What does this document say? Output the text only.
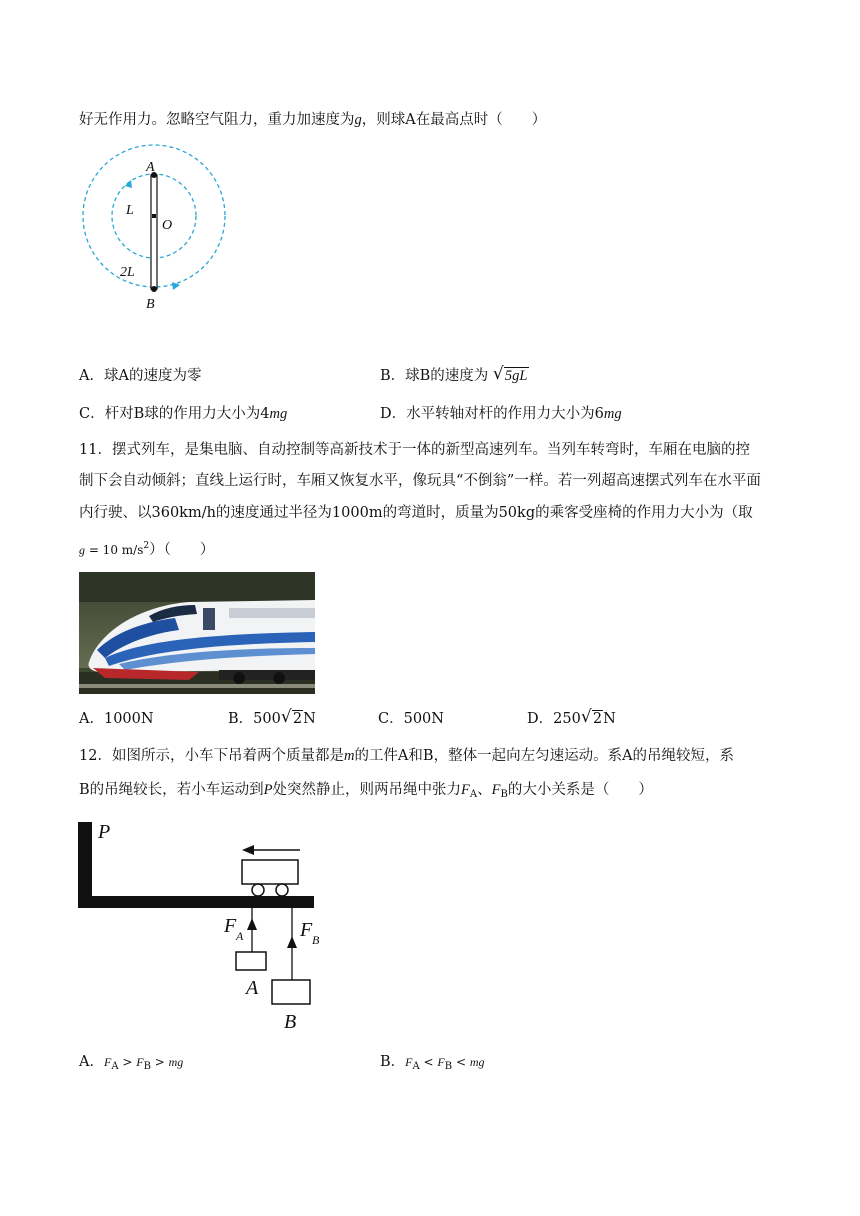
好无作用力。忽略空气阻力，重力加速度为g，则球A在最高点时（　　）
A
L
O
2L
B
A．球A的速度为零	B．球B的速度为 √ 5gL
C．杆对B球的作用力大小为4mg	D．水平转轴对杆的作用力大小为6mg
11．摆式列车，是集电脑、自动控制等高新技术于一体的新型高速列车。当列车转弯时，车厢在电脑的控
制下会自动倾斜；直线上运行时，车厢又恢复水平，像玩具“不倒翁”一样。若一列超高速摆式列车在水平面
内行驶、以360km/h的速度通过半径为1000m的弯道时，质量为50kg的乘客受座椅的作用力大小为（取
g = 10 $m/s^2$）（　　）
A．1000N	B．500 √ 2N	C．500N	D．250 √ 2N
12．如图所示，小车下吊着两个质量都是m的工件A和B，整体一起向左匀速运动。系A的吊绳较短，系
B的吊绳较长，若小车运动到P处突然静止，则两吊绳中张力$F_A$、$F_B$的大小关系是（　　）
P
F A	F B
A
B
A．$F_A > F_B$ > mg	B．$F_A < F_B$ < mg
